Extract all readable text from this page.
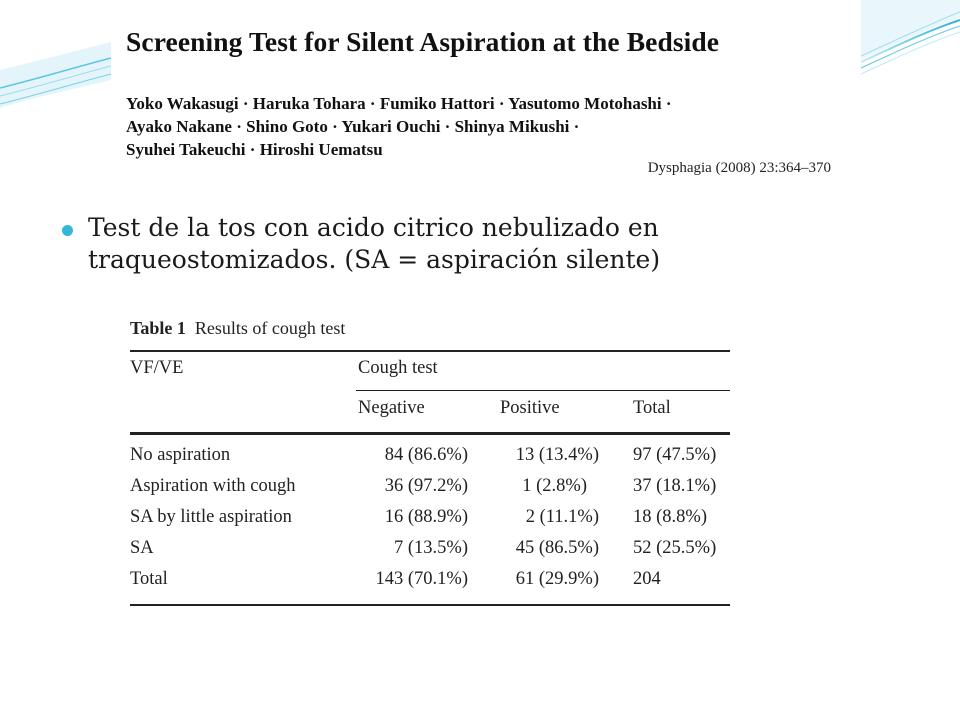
Screening Test for Silent Aspiration at the Bedside
Yoko Wakasugi · Haruka Tohara · Fumiko Hattori · Yasutomo Motohashi ·
Ayako Nakane · Shino Goto · Yukari Ouchi · Shinya Mikushi ·
Syuhei Takeuchi · Hiroshi Uematsu
Dysphagia (2008) 23:364–370
Test de la tos con acido citrico nebulizado en
traqueostomizados. (SA = aspiración silente)
Table 1 Results of cough test
VF/VE	Cough test
Negative	Positive	Total
No aspiration	84 (86.6%)	13 (13.4%) 97 (47.5%)
Aspiration with cough	36 (97.2%)	1 (2.8%) 37 (18.1%)
SA by little aspiration	16 (88.9%)	2 (11.1%) 18 (8.8%)
SA	7 (13.5%)	45 (86.5%) 52 (25.5%)
Total	143 (70.1%)	61 (29.9%) 204
